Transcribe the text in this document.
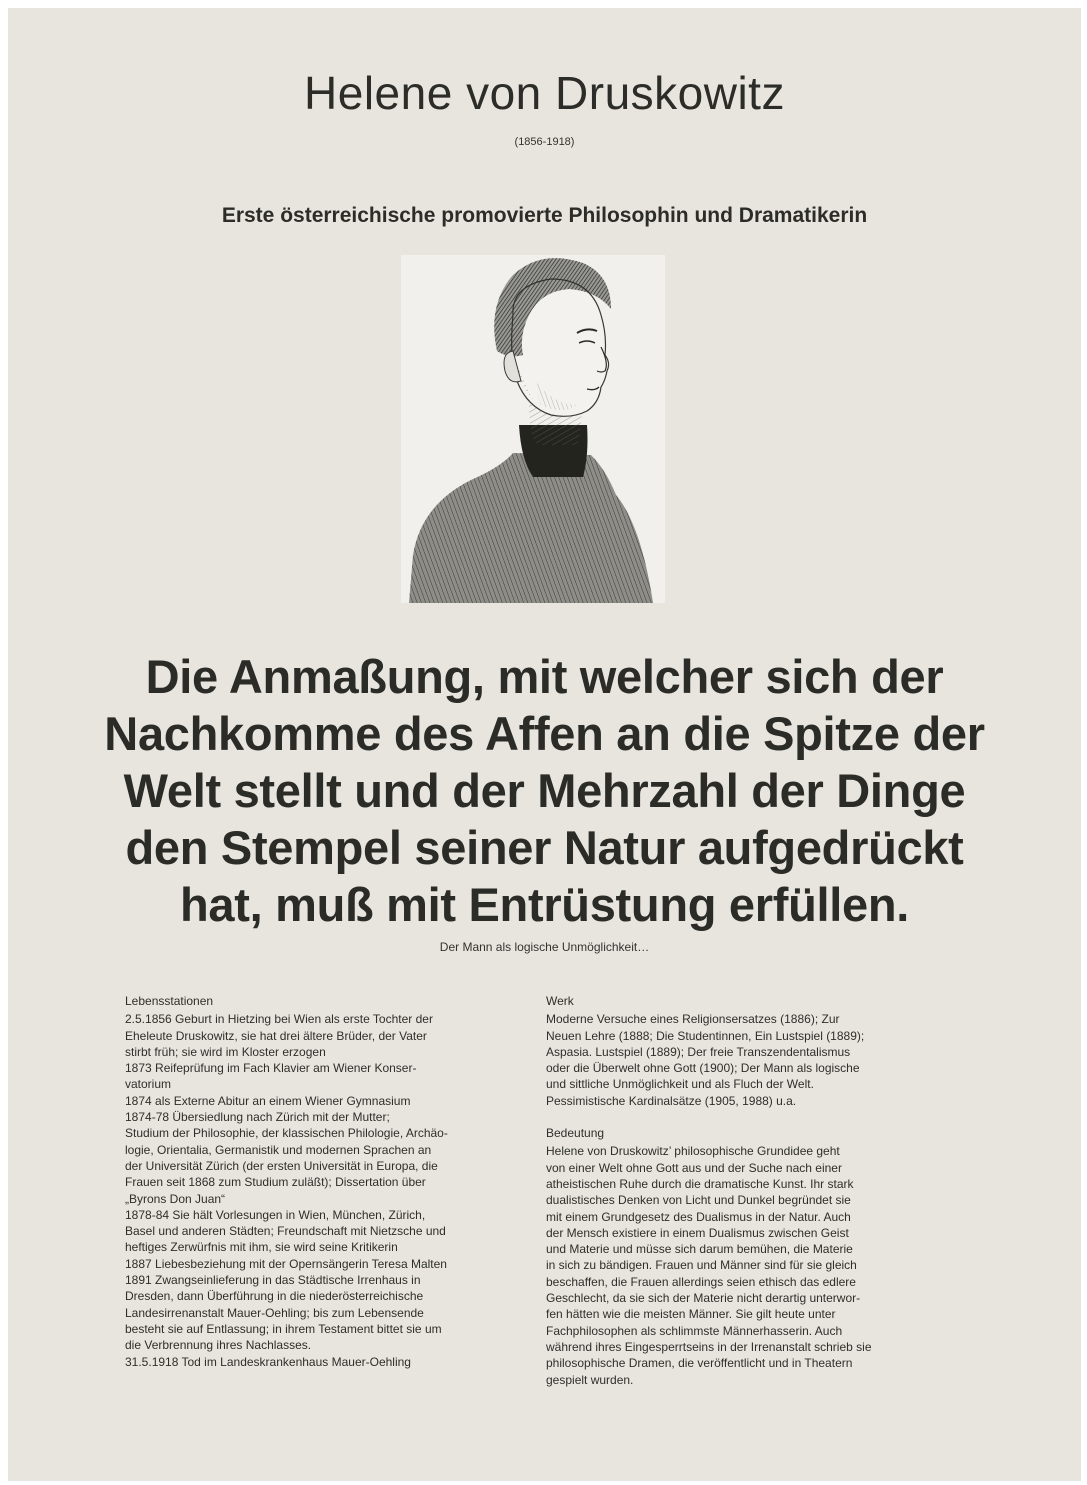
Helene von Druskowitz
(1856-1918)
Erste österreichische promovierte Philosophin und Dramatikerin
Die Anmaßung, mit welcher sich der
Nachkomme des Affen an die Spitze der
Welt stellt und der Mehrzahl der Dinge
den Stempel seiner Natur aufgedrückt
hat, muß mit Entrüstung erfüllen.
Der Mann als logische Unmöglichkeit…
Lebensstationen

2.5.1856 Geburt in Hietzing bei Wien als erste Tochter der

Eheleute Druskowitz, sie hat drei ältere Brüder, der Vater

stirbt früh; sie wird im Kloster erzogen

1873 Reifeprüfung im Fach Klavier am Wiener Konser-

vatorium

1874 als Externe Abitur an einem Wiener Gymnasium

1874-78 Übersiedlung nach Zürich mit der Mutter;

Studium der Philosophie, der klassischen Philologie, Archäo-

logie, Orientalia, Germanistik und modernen Sprachen an

der Universität Zürich (der ersten Universität in Europa, die

Frauen seit 1868 zum Studium zuläßt); Dissertation über

„Byrons Don Juan“

1878-84 Sie hält Vorlesungen in Wien, München, Zürich,

Basel und anderen Städten; Freundschaft mit Nietzsche und

heftiges Zerwürfnis mit ihm, sie wird seine Kritikerin

1887 Liebesbeziehung mit der Opernsängerin Teresa Malten

1891 Zwangseinlieferung in das Städtische Irrenhaus in

Dresden, dann Überführung in die niederösterreichische

Landesirrenanstalt Mauer-Oehling; bis zum Lebensende

besteht sie auf Entlassung; in ihrem Testament bittet sie um

die Verbrennung ihres Nachlasses.

31.5.1918 Tod im Landeskrankenhaus Mauer-Oehling

Werk

Moderne Versuche eines Religionsersatzes (1886); Zur

Neuen Lehre (1888; Die Studentinnen, Ein Lustspiel (1889);

Aspasia. Lustspiel (1889); Der freie Transzendentalismus

oder die Überwelt ohne Gott (1900); Der Mann als logische

und sittliche Unmöglichkeit und als Fluch der Welt.

Pessimistische Kardinalsätze (1905, 1988) u.a.

Bedeutung

Helene von Druskowitz’ philosophische Grundidee geht

von einer Welt ohne Gott aus und der Suche nach einer

atheistischen Ruhe durch die dramatische Kunst. Ihr stark

dualistisches Denken von Licht und Dunkel begründet sie

mit einem Grundgesetz des Dualismus in der Natur. Auch

der Mensch existiere in einem Dualismus zwischen Geist

und Materie und müsse sich darum bemühen, die Materie

in sich zu bändigen. Frauen und Männer sind für sie gleich

beschaffen, die Frauen allerdings seien ethisch das edlere

Geschlecht, da sie sich der Materie nicht derartig unterwor-

fen hätten wie die meisten Männer. Sie gilt heute unter

Fachphilosophen als schlimmste Männerhasserin. Auch

während ihres Eingesperrtseins in der Irrenanstalt schrieb sie

philosophische Dramen, die veröffentlicht und in Theatern

gespielt wurden.
